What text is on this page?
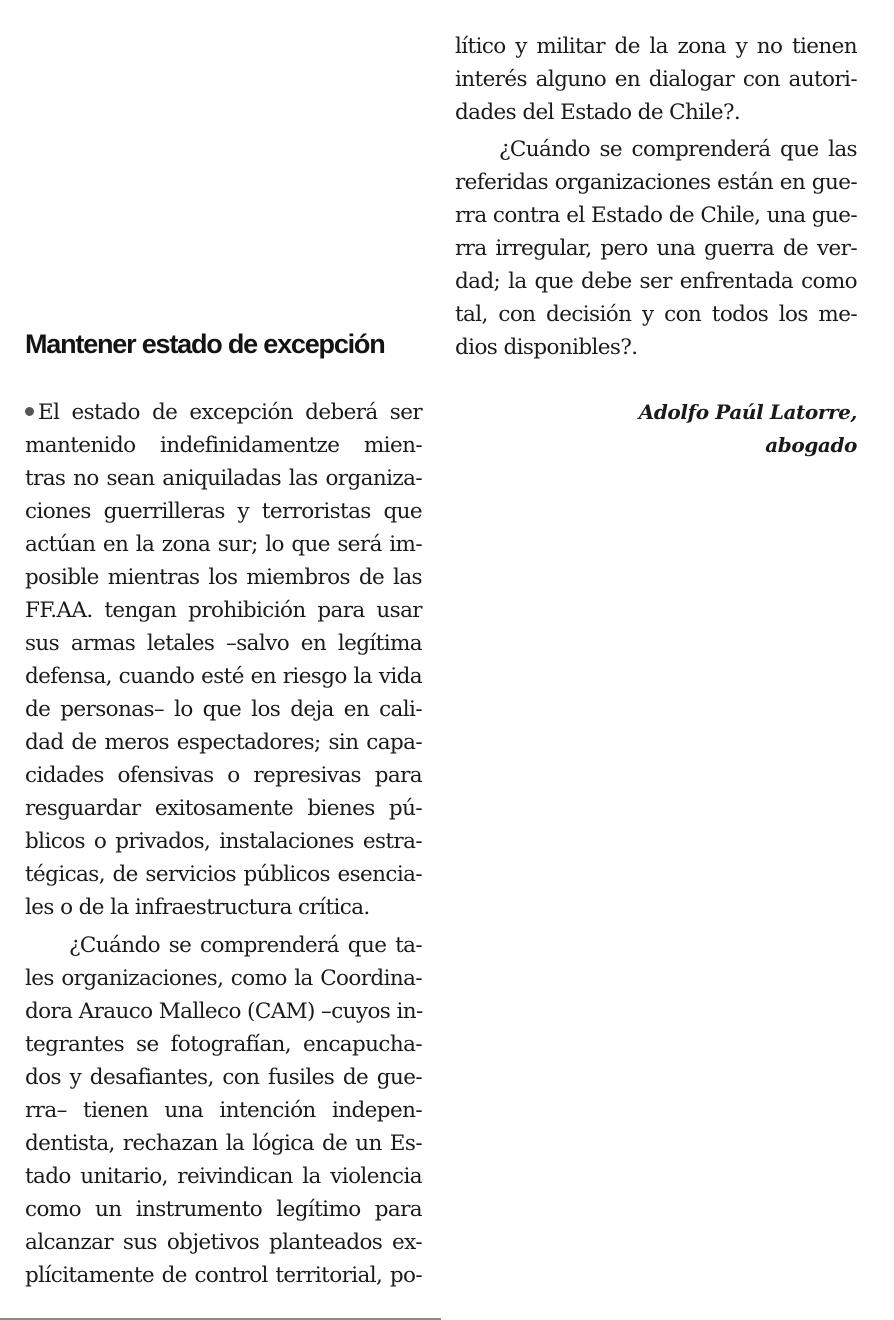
Mantener estado de excepción
El estado de excepción deberá ser
mantenido indefinidamentze mien-
tras no sean aniquiladas las organiza-
ciones guerrilleras y terroristas que
actúan en la zona sur; lo que será im-
posible mientras los miembros de las
FF.AA. tengan prohibición para usar
sus armas letales –salvo en legítima
defensa, cuando esté en riesgo la vida
de personas– lo que los deja en cali-
dad de meros espectadores; sin capa-
cidades ofensivas o represivas para
resguardar exitosamente bienes pú-
blicos o privados, instalaciones estra-
tégicas, de servicios públicos esencia-
les o de la infraestructura crítica.
¿Cuándo se comprenderá que ta-
les organizaciones, como la Coordina-
dora Arauco Malleco (CAM) –cuyos in-
tegrantes se fotografían, encapucha-
dos y desafiantes, con fusiles de gue-
rra– tienen una intención indepen-
dentista, rechazan la lógica de un Es-
tado unitario, reivindican la violencia
como un instrumento legítimo para
alcanzar sus objetivos planteados ex-
plícitamente de control territorial, po-
lítico y militar de la zona y no tienen
interés alguno en dialogar con autori-
dades del Estado de Chile?.
¿Cuándo se comprenderá que las
referidas organizaciones están en gue-
rra contra el Estado de Chile, una gue-
rra irregular, pero una guerra de ver-
dad; la que debe ser enfrentada como
tal, con decisión y con todos los me-
dios disponibles?.
Adolfo Paúl Latorre,
abogado
